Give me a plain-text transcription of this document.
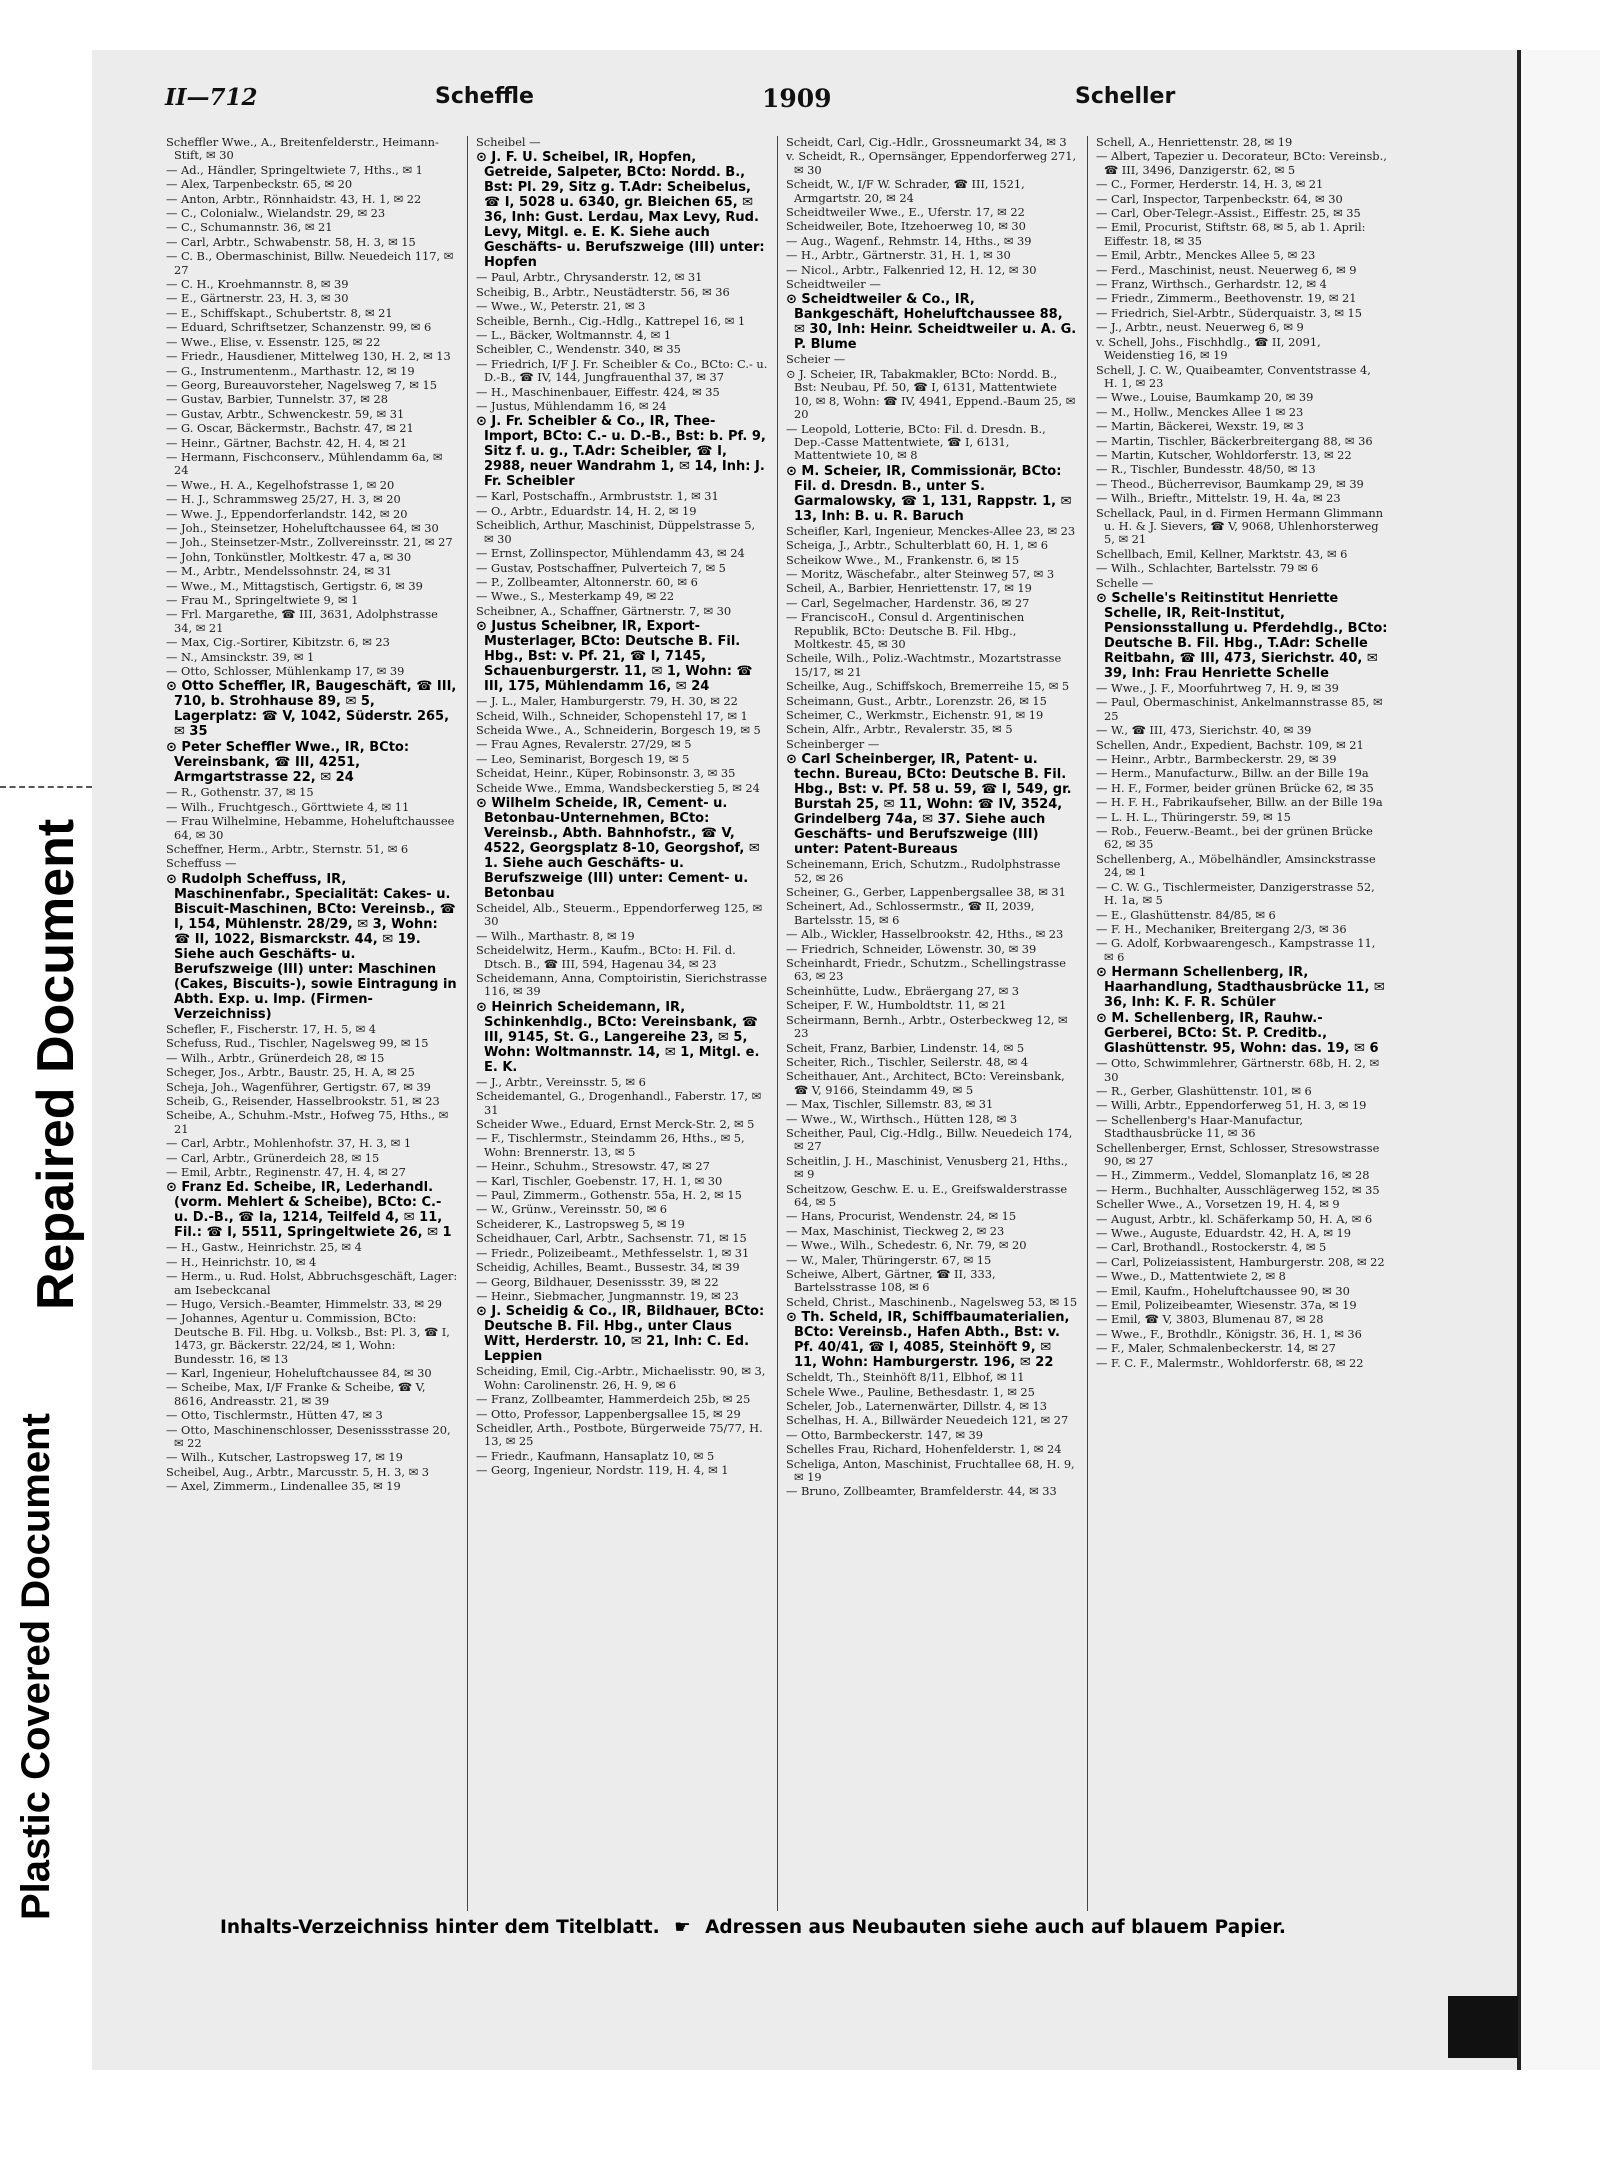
Repaired Document
Plastic Covered Document
II—712	Scheffle	1909	Scheller
Scheffler Wwe., A., Breitenfelderstr., Heimann-Stift, ✉ 30
— Ad., Händler, Springeltwiete 7, Hths., ✉ 1
— Alex, Tarpenbeckstr. 65, ✉ 20
— Anton, Arbtr., Rönnhaidstr. 43, H. 1, ✉ 22
— C., Colonialw., Wielandstr. 29, ✉ 23
— C., Schumannstr. 36, ✉ 21
— Carl, Arbtr., Schwabenstr. 58, H. 3, ✉ 15
— C. B., Obermaschinist, Billw. Neuedeich 117, ✉ 27
— C. H., Kroehmannstr. 8, ✉ 39
— E., Gärtnerstr. 23, H. 3, ✉ 30
— E., Schiffskapt., Schubertstr. 8, ✉ 21
— Eduard, Schriftsetzer, Schanzenstr. 99, ✉ 6
— Wwe., Elise, v. Essenstr. 125, ✉ 22
— Friedr., Hausdiener, Mittelweg 130, H. 2, ✉ 13
— G., Instrumentenm., Marthastr. 12, ✉ 19
— Georg, Bureauvorsteher, Nagelsweg 7, ✉ 15
— Gustav, Barbier, Tunnelstr. 37, ✉ 28
— Gustav, Arbtr., Schwenckestr. 59, ✉ 31
— G. Oscar, Bäckermstr., Bachstr. 47, ✉ 21
— Heinr., Gärtner, Bachstr. 42, H. 4, ✉ 21
— Hermann, Fischconserv., Mühlendamm 6a, ✉ 24
— Wwe., H. A., Kegelhofstrasse 1, ✉ 20
— H. J., Schrammsweg 25/27, H. 3, ✉ 20
— Wwe. J., Eppendorferlandstr. 142, ✉ 20
— Joh., Steinsetzer, Hoheluftchaussee 64, ✉ 30
— Joh., Steinsetzer-Mstr., Zollvereinsstr. 21, ✉ 27
— John, Tonkünstler, Moltkestr. 47 a, ✉ 30
— M., Arbtr., Mendelssohnstr. 24, ✉ 31
— Wwe., M., Mittagstisch, Gertigstr. 6, ✉ 39
— Frau M., Springeltwiete 9, ✉ 1
— Frl. Margarethe, ☎ III, 3631, Adolphstrasse 34, ✉ 21
— Max, Cig.-Sortirer, Kibitzstr. 6, ✉ 23
— N., Amsinckstr. 39, ✉ 1
— Otto, Schlosser, Mühlenkamp 17, ✉ 39
⊙ Otto Scheffler, IR, Baugeschäft, ☎ III, 710, b. Strohhause 89, ✉ 5, Lagerplatz: ☎ V, 1042, Süderstr. 265, ✉ 35
⊙ Peter Scheffler Wwe., IR, BCto: Vereinsbank, ☎ III, 4251, Armgartstrasse 22, ✉ 24
— R., Gothenstr. 37, ✉ 15
— Wilh., Fruchtgesch., Görttwiete 4, ✉ 11
— Frau Wilhelmine, Hebamme, Hoheluftchaussee 64, ✉ 30
Scheffner, Herm., Arbtr., Sternstr. 51, ✉ 6
Scheffuss —
⊙ Rudolph Scheffuss, IR, Maschinenfabr., Specialität: Cakes- u. Biscuit-Maschinen, BCto: Vereinsb., ☎ I, 154, Mühlenstr. 28/29, ✉ 3, Wohn: ☎ II, 1022, Bismarckstr. 44, ✉ 19. Siehe auch Geschäfts- u. Berufszweige (III) unter: Maschinen (Cakes, Biscuits-), sowie Eintragung in Abth. Exp. u. Imp. (Firmen-Verzeichniss)
Schefler, F., Fischerstr. 17, H. 5, ✉ 4
Schefuss, Rud., Tischler, Nagelsweg 99, ✉ 15
— Wilh., Arbtr., Grünerdeich 28, ✉ 15
Scheger, Jos., Arbtr., Baustr. 25, H. A, ✉ 25
Scheja, Joh., Wagenführer, Gertigstr. 67, ✉ 39
Scheib, G., Reisender, Hasselbrookstr. 51, ✉ 23
Scheibe, A., Schuhm.-Mstr., Hofweg 75, Hths., ✉ 21
— Carl, Arbtr., Mohlenhofstr. 37, H. 3, ✉ 1
— Carl, Arbtr., Grünerdeich 28, ✉ 15
— Emil, Arbtr., Reginenstr. 47, H. 4, ✉ 27
⊙ Franz Ed. Scheibe, IR, Lederhandl. (vorm. Mehlert & Scheibe), BCto: C.- u. D.-B., ☎ Ia, 1214, Teilfeld 4, ✉ 11, Fil.: ☎ I, 5511, Springeltwiete 26, ✉ 1
— H., Gastw., Heinrichstr. 25, ✉ 4
— H., Heinrichstr. 10, ✉ 4
— Herm., u. Rud. Holst, Abbruchsgeschäft, Lager: am Isebeckcanal
— Hugo, Versich.-Beamter, Himmelstr. 33, ✉ 29
— Johannes, Agentur u. Commission, BCto: Deutsche B. Fil. Hbg. u. Volksb., Bst: Pl. 3, ☎ I, 1473, gr. Bäckerstr. 22/24, ✉ 1, Wohn: Bundesstr. 16, ✉ 13
— Karl, Ingenieur, Hoheluftchaussee 84, ✉ 30
— Scheibe, Max, I/F Franke & Scheibe, ☎ V, 8616, Andreasstr. 21, ✉ 39
— Otto, Tischlermstr., Hütten 47, ✉ 3
— Otto, Maschinenschlosser, Desenissstrasse 20, ✉ 22
— Wilh., Kutscher, Lastropsweg 17, ✉ 19
Scheibel, Aug., Arbtr., Marcusstr. 5, H. 3, ✉ 3
— Axel, Zimmerm., Lindenallee 35, ✉ 19
Scheibel —
⊙ J. F. U. Scheibel, IR, Hopfen, Getreide, Salpeter, BCto: Nordd. B., Bst: Pl. 29, Sitz g. T.Adr: Scheibelus, ☎ I, 5028 u. 6340, gr. Bleichen 65, ✉ 36, Inh: Gust. Lerdau, Max Levy, Rud. Levy, Mitgl. e. E. K. Siehe auch Geschäfts- u. Berufszweige (III) unter: Hopfen
— Paul, Arbtr., Chrysanderstr. 12, ✉ 31
Scheibig, B., Arbtr., Neustädterstr. 56, ✉ 36
— Wwe., W., Peterstr. 21, ✉ 3
Scheible, Bernh., Cig.-Hdlg., Kattrepel 16, ✉ 1
— L., Bäcker, Woltmannstr. 4, ✉ 1
Scheibler, C., Wendenstr. 340, ✉ 35
— Friedrich, I/F J. Fr. Scheibler & Co., BCto: C.- u. D.-B., ☎ IV, 144, Jungfrauenthal 37, ✉ 37
— H., Maschinenbauer, Eiffestr. 424, ✉ 35
— Justus, Mühlendamm 16, ✉ 24
⊙ J. Fr. Scheibler & Co., IR, Thee-Import, BCto: C.- u. D.-B., Bst: b. Pf. 9, Sitz f. u. g., T.Adr: Scheibler, ☎ I, 2988, neuer Wandrahm 1, ✉ 14, Inh: J. Fr. Scheibler
— Karl, Postschaffn., Armbruststr. 1, ✉ 31
— O., Arbtr., Eduardstr. 14, H. 2, ✉ 19
Scheiblich, Arthur, Maschinist, Düppelstrasse 5, ✉ 30
— Ernst, Zollinspector, Mühlendamm 43, ✉ 24
— Gustav, Postschaffner, Pulverteich 7, ✉ 5
— P., Zollbeamter, Altonnerstr. 60, ✉ 6
— Wwe., S., Mesterkamp 49, ✉ 22
Scheibner, A., Schaffner, Gärtnerstr. 7, ✉ 30
⊙ Justus Scheibner, IR, Export-Musterlager, BCto: Deutsche B. Fil. Hbg., Bst: v. Pf. 21, ☎ I, 7145, Schauenburgerstr. 11, ✉ 1, Wohn: ☎ III, 175, Mühlendamm 16, ✉ 24
— J. L., Maler, Hamburgerstr. 79, H. 30, ✉ 22
Scheid, Wilh., Schneider, Schopenstehl 17, ✉ 1
Scheida Wwe., A., Schneiderin, Borgesch 19, ✉ 5
— Frau Agnes, Revalerstr. 27/29, ✉ 5
— Leo, Seminarist, Borgesch 19, ✉ 5
Scheidat, Heinr., Küper, Robinsonstr. 3, ✉ 35
Scheide Wwe., Emma, Wandsbeckerstieg 5, ✉ 24
⊙ Wilhelm Scheide, IR, Cement- u. Betonbau-Unternehmen, BCto: Vereinsb., Abth. Bahnhofstr., ☎ V, 4522, Georgsplatz 8-10, Georgshof, ✉ 1. Siehe auch Geschäfts- u. Berufszweige (III) unter: Cement- u. Betonbau
Scheidel, Alb., Steuerm., Eppendorferweg 125, ✉ 30
— Wilh., Marthastr. 8, ✉ 19
Scheidelwitz, Herm., Kaufm., BCto: H. Fil. d. Dtsch. B., ☎ III, 594, Hagenau 34, ✉ 23
Scheidemann, Anna, Comptoiristin, Sierichstrasse 116, ✉ 39
⊙ Heinrich Scheidemann, IR, Schinkenhdlg., BCto: Vereinsbank, ☎ III, 9145, St. G., Langereihe 23, ✉ 5, Wohn: Woltmannstr. 14, ✉ 1, Mitgl. e. E. K.
— J., Arbtr., Vereinsstr. 5, ✉ 6
Scheidemantel, G., Drogenhandl., Faberstr. 17, ✉ 31
Scheider Wwe., Eduard, Ernst Merck-Str. 2, ✉ 5
— F., Tischlermstr., Steindamm 26, Hths., ✉ 5, Wohn: Brennerstr. 13, ✉ 5
— Heinr., Schuhm., Stresowstr. 47, ✉ 27
— Karl, Tischler, Goebenstr. 17, H. 1, ✉ 30
— Paul, Zimmerm., Gothenstr. 55a, H. 2, ✉ 15
— W., Grünw., Vereinsstr. 50, ✉ 6
Scheiderer, K., Lastropsweg 5, ✉ 19
Scheidhauer, Carl, Arbtr., Sachsenstr. 71, ✉ 15
— Friedr., Polizeibeamt., Methfesselstr. 1, ✉ 31
Scheidig, Achilles, Beamt., Bussestr. 34, ✉ 39
— Georg, Bildhauer, Desenissstr. 39, ✉ 22
— Heinr., Siebmacher, Jungmannstr. 19, ✉ 23
⊙ J. Scheidig & Co., IR, Bildhauer, BCto: Deutsche B. Fil. Hbg., unter Claus Witt, Herderstr. 10, ✉ 21, Inh: C. Ed. Leppien
Scheiding, Emil, Cig.-Arbtr., Michaelisstr. 90, ✉ 3, Wohn: Carolinenstr. 26, H. 9, ✉ 6
— Franz, Zollbeamter, Hammerdeich 25b, ✉ 25
— Otto, Professor, Lappenbergsallee 15, ✉ 29
Scheidler, Arth., Postbote, Bürgerweide 75/77, H. 13, ✉ 25
— Friedr., Kaufmann, Hansaplatz 10, ✉ 5
— Georg, Ingenieur, Nordstr. 119, H. 4, ✉ 1
Scheidt, Carl, Cig.-Hdlr., Grossneumarkt 34, ✉ 3
v. Scheidt, R., Opernsänger, Eppendorferweg 271, ✉ 30
Scheidt, W., I/F W. Schrader, ☎ III, 1521, Armgartstr. 20, ✉ 24
Scheidtweiler Wwe., E., Uferstr. 17, ✉ 22
Scheidweiler, Bote, Itzehoerweg 10, ✉ 30
— Aug., Wagenf., Rehmstr. 14, Hths., ✉ 39
— H., Arbtr., Gärtnerstr. 31, H. 1, ✉ 30
— Nicol., Arbtr., Falkenried 12, H. 12, ✉ 30
Scheidtweiler —
⊙ Scheidtweiler & Co., IR, Bankgeschäft, Hoheluftchaussee 88, ✉ 30, Inh: Heinr. Scheidtweiler u. A. G. P. Blume
Scheier —
⊙ J. Scheier, IR, Tabakmakler, BCto: Nordd. B., Bst: Neubau, Pf. 50, ☎ I, 6131, Mattentwiete 10, ✉ 8, Wohn: ☎ IV, 4941, Eppend.-Baum 25, ✉ 20
— Leopold, Lotterie, BCto: Fil. d. Dresdn. B., Dep.-Casse Mattentwiete, ☎ I, 6131, Mattentwiete 10, ✉ 8
⊙ M. Scheier, IR, Commissionär, BCto: Fil. d. Dresdn. B., unter S. Garmalowsky, ☎ 1, 131, Rappstr. 1, ✉ 13, Inh: B. u. R. Baruch
Scheifler, Karl, Ingenieur, Menckes-Allee 23, ✉ 23
Scheiga, J., Arbtr., Schulterblatt 60, H. 1, ✉ 6
Scheikow Wwe., M., Frankenstr. 6, ✉ 15
— Moritz, Wäschefabr., alter Steinweg 57, ✉ 3
Scheil, A., Barbier, Henriettenstr. 17, ✉ 19
— Carl, Segelmacher, Hardenstr. 36, ✉ 27
— FranciscoH., Consul d. Argentinischen Republik, BCto: Deutsche B. Fil. Hbg., Moltkestr. 45, ✉ 30
Scheile, Wilh., Poliz.-Wachtmstr., Mozartstrasse 15/17, ✉ 21
Scheilke, Aug., Schiffskoch, Bremerreihe 15, ✉ 5
Scheimann, Gust., Arbtr., Lorenzstr. 26, ✉ 15
Scheimer, C., Werkmstr., Eichenstr. 91, ✉ 19
Schein, Alfr., Arbtr., Revalerstr. 35, ✉ 5
Scheinberger —
⊙ Carl Scheinberger, IR, Patent- u. techn. Bureau, BCto: Deutsche B. Fil. Hbg., Bst: v. Pf. 58 u. 59, ☎ I, 549, gr. Burstah 25, ✉ 11, Wohn: ☎ IV, 3524, Grindelberg 74a, ✉ 37. Siehe auch Geschäfts- und Berufszweige (III) unter: Patent-Bureaus
Scheinemann, Erich, Schutzm., Rudolphstrasse 52, ✉ 26
Scheiner, G., Gerber, Lappenbergsallee 38, ✉ 31
Scheinert, Ad., Schlossermstr., ☎ II, 2039, Bartelsstr. 15, ✉ 6
— Alb., Wickler, Hasselbrookstr. 42, Hths., ✉ 23
— Friedrich, Schneider, Löwenstr. 30, ✉ 39
Scheinhardt, Friedr., Schutzm., Schellingstrasse 63, ✉ 23
Scheinhütte, Ludw., Ebräergang 27, ✉ 3
Scheiper, F. W., Humboldtstr. 11, ✉ 21
Scheirmann, Bernh., Arbtr., Osterbeckweg 12, ✉ 23
Scheit, Franz, Barbier, Lindenstr. 14, ✉ 5
Scheiter, Rich., Tischler, Seilerstr. 48, ✉ 4
Scheithauer, Ant., Architect, BCto: Vereinsbank, ☎ V, 9166, Steindamm 49, ✉ 5
— Max, Tischler, Sillemstr. 83, ✉ 31
— Wwe., W., Wirthsch., Hütten 128, ✉ 3
Scheither, Paul, Cig.-Hdlg., Billw. Neuedeich 174, ✉ 27
Scheitlin, J. H., Maschinist, Venusberg 21, Hths., ✉ 9
Scheitzow, Geschw. E. u. E., Greifswalderstrasse 64, ✉ 5
— Hans, Procurist, Wendenstr. 24, ✉ 15
— Max, Maschinist, Tieckweg 2, ✉ 23
— Wwe., Wilh., Schedestr. 6, Nr. 79, ✉ 20
— W., Maler, Thüringerstr. 67, ✉ 15
Scheiwe, Albert, Gärtner, ☎ II, 333, Bartelsstrasse 108, ✉ 6
Scheld, Christ., Maschinenb., Nagelsweg 53, ✉ 15
⊙ Th. Scheld, IR, Schiffbaumaterialien, BCto: Vereinsb., Hafen Abth., Bst: v. Pf. 40/41, ☎ I, 4085, Steinhöft 9, ✉ 11, Wohn: Hamburgerstr. 196, ✉ 22
Scheldt, Th., Steinhöft 8/11, Elbhof, ✉ 11
Schele Wwe., Pauline, Bethesdastr. 1, ✉ 25
Scheler, Job., Laternenwärter, Dillstr. 4, ✉ 13
Schelhas, H. A., Billwärder Neuedeich 121, ✉ 27
— Otto, Barmbeckerstr. 147, ✉ 39
Schelles Frau, Richard, Hohenfelderstr. 1, ✉ 24
Scheliga, Anton, Maschinist, Fruchtallee 68, H. 9, ✉ 19
— Bruno, Zollbeamter, Bramfelderstr. 44, ✉ 33
Schell, A., Henriettenstr. 28, ✉ 19
— Albert, Tapezier u. Decorateur, BCto: Vereinsb., ☎ III, 3496, Danzigerstr. 62, ✉ 5
— C., Former, Herderstr. 14, H. 3, ✉ 21
— Carl, Inspector, Tarpenbeckstr. 64, ✉ 30
— Carl, Ober-Telegr.-Assist., Eiffestr. 25, ✉ 35
— Emil, Procurist, Stiftstr. 68, ✉ 5, ab 1. April: Eiffestr. 18, ✉ 35
— Emil, Arbtr., Menckes Allee 5, ✉ 23
— Ferd., Maschinist, neust. Neuerweg 6, ✉ 9
— Franz, Wirthsch., Gerhardstr. 12, ✉ 4
— Friedr., Zimmerm., Beethovenstr. 19, ✉ 21
— Friedrich, Siel-Arbtr., Süderquaistr. 3, ✉ 15
— J., Arbtr., neust. Neuerweg 6, ✉ 9
v. Schell, Johs., Fischhdlg., ☎ II, 2091, Weidenstieg 16, ✉ 19
Schell, J. C. W., Quaibeamter, Conventstrasse 4, H. 1, ✉ 23
— Wwe., Louise, Baumkamp 20, ✉ 39
— M., Hollw., Menckes Allee 1 ✉ 23
— Martin, Bäckerei, Wexstr. 19, ✉ 3
— Martin, Tischler, Bäckerbreitergang 88, ✉ 36
— Martin, Kutscher, Wohldorferstr. 13, ✉ 22
— R., Tischler, Bundesstr. 48/50, ✉ 13
— Theod., Bücherrevisor, Baumkamp 29, ✉ 39
— Wilh., Brieftr., Mittelstr. 19, H. 4a, ✉ 23
Schellack, Paul, in d. Firmen Hermann Glimmann u. H. & J. Sievers, ☎ V, 9068, Uhlenhorsterweg 5, ✉ 21
Schellbach, Emil, Kellner, Marktstr. 43, ✉ 6
— Wilh., Schlachter, Bartelsstr. 79 ✉ 6
Schelle —
⊙ Schelle's Reitinstitut Henriette Schelle, IR, Reit-Institut, Pensionsstallung u. Pferdehdlg., BCto: Deutsche B. Fil. Hbg., T.Adr: Schelle Reitbahn, ☎ III, 473, Sierichstr. 40, ✉ 39, Inh: Frau Henriette Schelle
— Wwe., J. F., Moorfuhrtweg 7, H. 9, ✉ 39
— Paul, Obermaschinist, Ankelmannstrasse 85, ✉ 25
— W., ☎ III, 473, Sierichstr. 40, ✉ 39
Schellen, Andr., Expedient, Bachstr. 109, ✉ 21
— Heinr., Arbtr., Barmbeckerstr. 29, ✉ 39
— Herm., Manufacturw., Billw. an der Bille 19a
— H. F., Former, beider grünen Brücke 62, ✉ 35
— H. F. H., Fabrikaufseher, Billw. an der Bille 19a
— L. H. L., Thüringerstr. 59, ✉ 15
— Rob., Feuerw.-Beamt., bei der grünen Brücke 62, ✉ 35
Schellenberg, A., Möbelhändler, Amsinckstrasse 24, ✉ 1
— C. W. G., Tischlermeister, Danzigerstrasse 52, H. 1a, ✉ 5
— E., Glashüttenstr. 84/85, ✉ 6
— F. H., Mechaniker, Breitergang 2/3, ✉ 36
— G. Adolf, Korbwaarengesch., Kampstrasse 11, ✉ 6
⊙ Hermann Schellenberg, IR, Haarhandlung, Stadthausbrücke 11, ✉ 36, Inh: K. F. R. Schüler
⊙ M. Schellenberg, IR, Rauhw.-Gerberei, BCto: St. P. Creditb., Glashüttenstr. 95, Wohn: das. 19, ✉ 6
— Otto, Schwimmlehrer, Gärtnerstr. 68b, H. 2, ✉ 30
— R., Gerber, Glashüttenstr. 101, ✉ 6
— Willi, Arbtr., Eppendorferweg 51, H. 3, ✉ 19
— Schellenberg's Haar-Manufactur, Stadthausbrücke 11, ✉ 36
Schellenberger, Ernst, Schlosser, Stresowstrasse 90, ✉ 27
— H., Zimmerm., Veddel, Slomanplatz 16, ✉ 28
— Herm., Buchhalter, Ausschlägerweg 152, ✉ 35
Scheller Wwe., A., Vorsetzen 19, H. 4, ✉ 9
— August, Arbtr., kl. Schäferkamp 50, H. A, ✉ 6
— Wwe., Auguste, Eduardstr. 42, H. A, ✉ 19
— Carl, Brothandl., Rostockerstr. 4, ✉ 5
— Carl, Polizeiassistent, Hamburgerstr. 208, ✉ 22
— Wwe., D., Mattentwiete 2, ✉ 8
— Emil, Kaufm., Hoheluftchaussee 90, ✉ 30
— Emil, Polizeibeamter, Wiesenstr. 37a, ✉ 19
— Emil, ☎ V, 3803, Blumenau 87, ✉ 28
— Wwe., F., Brothdlr., Königstr. 36, H. 1, ✉ 36
— F., Maler, Schmalenbeckerstr. 14, ✉ 27
— F. C. F., Malermstr., Wohldorferstr. 68, ✉ 22
Inhalts-Verzeichniss hinter dem Titelblatt. ☛ Adressen aus Neubauten siehe auch auf blauem Papier.
